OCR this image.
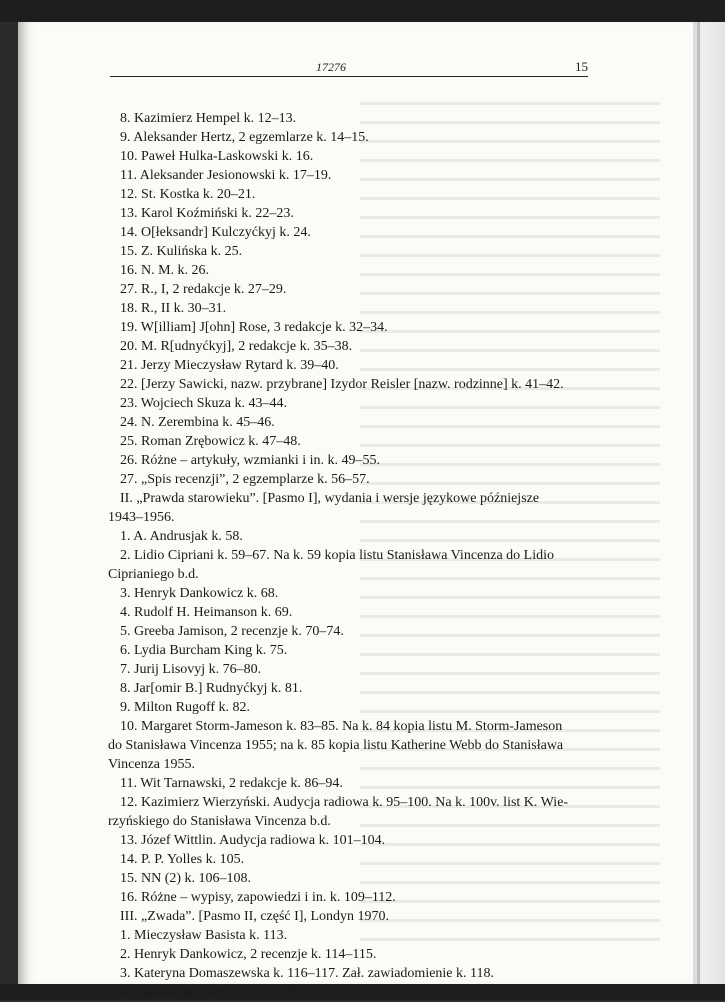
17276	15
8. Kazimierz Hempel k. 12–13.
9. Aleksander Hertz, 2 egzemlarze k. 14–15.
10. Paweł Hulka-Laskowski k. 16.
11. Aleksander Jesionowski k. 17–19.
12. St. Kostka k. 20–21.
13. Karol Koźmiński k. 22–23.
14. O[łeksandr] Kulczyćkyj k. 24.
15. Z. Kulińska k. 25.
16. N. M. k. 26.
27. R., I, 2 redakcje k. 27–29.
18. R., II k. 30–31.
19. W[illiam] J[ohn] Rose, 3 redakcje k. 32–34.
20. M. R[udnyćkyj], 2 redakcje k. 35–38.
21. Jerzy Mieczysław Rytard k. 39–40.
22. [Jerzy Sawicki, nazw. przybrane] Izydor Reisler [nazw. rodzinne] k. 41–42.
23. Wojciech Skuza k. 43–44.
24. N. Zerembina k. 45–46.
25. Roman Zrębowicz k. 47–48.
26. Różne – artykuły, wzmianki i in. k. 49–55.
27. „Spis recenzji”, 2 egzemplarze k. 56–57.
II. „Prawda starowieku”. [Pasmo I], wydania i wersje językowe późniejsze
1943–1956.
1. A. Andrusjak k. 58.
2. Lidio Cipriani k. 59–67. Na k. 59 kopia listu Stanisława Vincenza do Lidio
Ciprianiego b.d.
3. Henryk Dankowicz k. 68.
4. Rudolf H. Heimanson k. 69.
5. Greeba Jamison, 2 recenzje k. 70–74.
6. Lydia Burcham King k. 75.
7. Jurij Lisovyj k. 76–80.
8. Jar[omir B.] Rudnyćkyj k. 81.
9. Milton Rugoff k. 82.
10. Margaret Storm-Jameson k. 83–85. Na k. 84 kopia listu M. Storm-Jameson
do Stanisława Vincenza 1955; na k. 85 kopia listu Katherine Webb do Stanisława
Vincenza 1955.
11. Wit Tarnawski, 2 redakcje k. 86–94.
12. Kazimierz Wierzyński. Audycja radiowa k. 95–100. Na k. 100v. list K. Wie-
rzyńskiego do Stanisława Vincenza b.d.
13. Józef Wittlin. Audycja radiowa k. 101–104.
14. P. P. Yolles k. 105.
15. NN (2) k. 106–108.
16. Różne – wypisy, zapowiedzi i in. k. 109–112.
III. „Zwada”. [Pasmo II, część I], Londyn 1970.
1. Mieczysław Basista k. 113.
2. Henryk Dankowicz, 2 recenzje k. 114–115.
3. Kateryna Domaszewska k. 116–117. Zał. zawiadomienie k. 118.
4. Aleksander Hertz k. 119–120.
